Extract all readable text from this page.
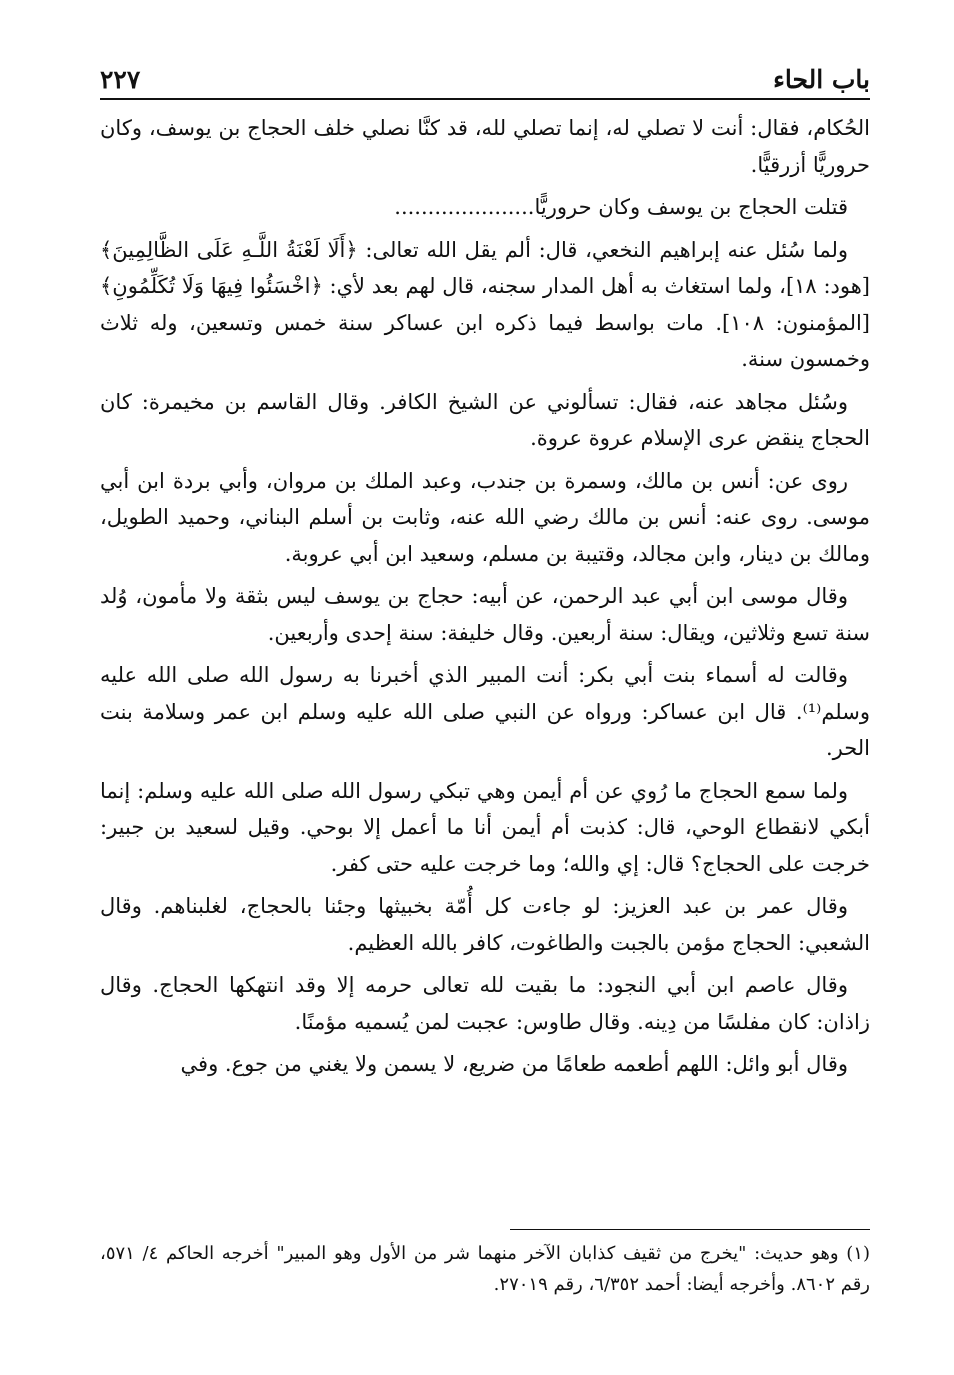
باب الحاء
٢٢٧

الحُكام، فقال: أنت لا تصلي له، إنما تصلي لله، قد كنَّا نصلي خلف الحجاج بن يوسف، وكان حروريًّا أزرقيًّا.

قتلت الحجاج بن يوسف وكان حروريًّا.....................

ولما سُئل عنه إبراهيم النخعي، قال: ألم يقل الله تعالى: ﴿أَلَا لَعْنَةُ اللَّـهِ عَلَى الظَّالِمِينَ﴾ [هود: ١٨]، ولما استغاث به أهل المدار سجنه، قال لهم بعد لأي: ﴿اخْسَئُوا فِيهَا وَلَا تُكَلِّمُونِ﴾ [المؤمنون: ١٠٨]. مات بواسط فيما ذكره ابن عساكر سنة خمس وتسعين، وله ثلاث وخمسون سنة.

وسُئل مجاهد عنه، فقال: تسألوني عن الشيخ الكافر. وقال القاسم بن مخيمرة: كان الحجاج ينقض عرى الإسلام عروة عروة.

روى عن: أنس بن مالك، وسمرة بن جندب، وعبد الملك بن مروان، وأبي بردة ابن أبي موسى. روى عنه: أنس بن مالك رضي الله عنه، وثابت بن أسلم البناني، وحميد الطويل، ومالك بن دينار، وابن مجالد، وقتيبة بن مسلم، وسعيد ابن أبي عروبة.

وقال موسى ابن أبي عبد الرحمن، عن أبيه: حجاج بن يوسف ليس بثقة ولا مأمون، وُلد سنة تسع وثلاثين، ويقال: سنة أربعين. وقال خليفة: سنة إحدى وأربعين.

وقالت له أسماء بنت أبي بكر: أنت المبير الذي أخبرنا به رسول الله صلى الله عليه وسلم⁽¹⁾. قال ابن عساكر: ورواه عن النبي صلى الله عليه وسلم ابن عمر وسلامة بنت الحر.

ولما سمع الحجاج ما رُوي عن أم أيمن وهي تبكي رسول الله صلى الله عليه وسلم: إنما أبكي لانقطاع الوحي، قال: كذبت أم أيمن أنا ما أعمل إلا بوحي. وقيل لسعيد بن جبير: خرجت على الحجاج؟ قال: إي والله؛ وما خرجت عليه حتى كفر.

وقال عمر بن عبد العزيز: لو جاءت كل أُمّة بخبيثها وجئنا بالحجاج، لغلبناهم. وقال الشعبي: الحجاج مؤمن بالجبت والطاغوت، كافر بالله العظيم.

وقال عاصم ابن أبي النجود: ما بقيت لله تعالى حرمه إلا وقد انتهكها الحجاج. وقال زاذان: كان مفلسًا من دِينه. وقال طاوس: عجبت لمن يُسميه مؤمنًا.

وقال أبو وائل: اللهم أطعمه طعامًا من ضريع، لا يسمن ولا يغني من جوع. وفي

(١) وهو حديث: "يخرج من ثقيف كذابان الآخر منهما شر من الأول وهو المبير" أخرجه الحاكم ٤/ ٥٧١، رقم ٨٦٠٢. وأخرجه أيضا: أحمد ٦/٣٥٢، رقم ٢٧٠١٩.
